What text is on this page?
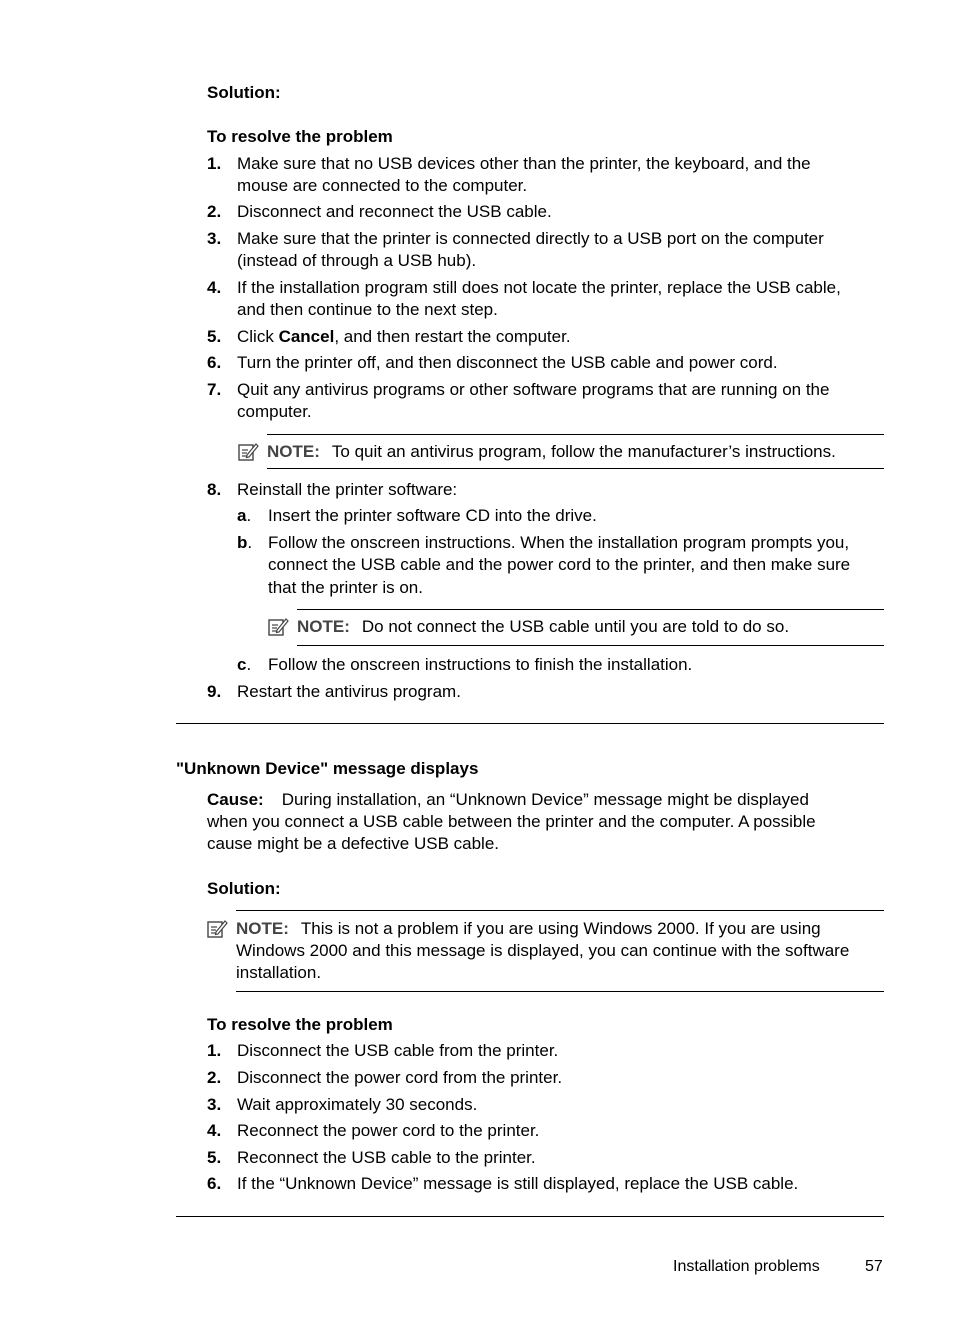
Solution:
To resolve the problem
1. Make sure that no USB devices other than the printer, the keyboard, and the
mouse are connected to the computer.
2. Disconnect and reconnect the USB cable.
3. Make sure that the printer is connected directly to a USB port on the computer
(instead of through a USB hub).
4. If the installation program still does not locate the printer, replace the USB cable,
and then continue to the next step.
5. Click Cancel, and then restart the computer.
6. Turn the printer off, and then disconnect the USB cable and power cord.
7. Quit any antivirus programs or other software programs that are running on the
computer.
NOTE: To quit an antivirus program, follow the manufacturer’s instructions.
8. Reinstall the printer software:
a. Insert the printer software CD into the drive.
b. Follow the onscreen instructions. When the installation program prompts you,
connect the USB cable and the power cord to the printer, and then make sure
that the printer is on.
NOTE: Do not connect the USB cable until you are told to do so.
c. Follow the onscreen instructions to finish the installation.
9. Restart the antivirus program.
"Unknown Device" message displays
Cause: During installation, an “Unknown Device” message might be displayed
when you connect a USB cable between the printer and the computer. A possible
cause might be a defective USB cable.
Solution:
NOTE: This is not a problem if you are using Windows 2000. If you are using
Windows 2000 and this message is displayed, you can continue with the software
installation.
To resolve the problem
1. Disconnect the USB cable from the printer.
2. Disconnect the power cord from the printer.
3. Wait approximately 30 seconds.
4. Reconnect the power cord to the printer.
5. Reconnect the USB cable to the printer.
6. If the “Unknown Device” message is still displayed, replace the USB cable.
Installation problems	57
